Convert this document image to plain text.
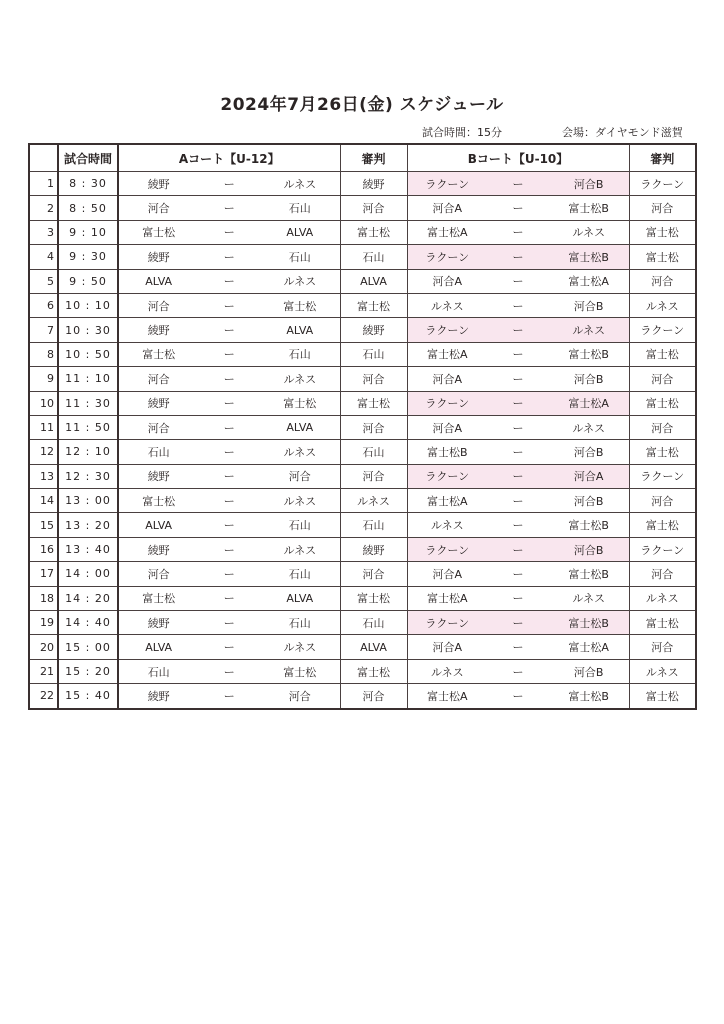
2024年7月26日(金) スケジュール
試合時間：15分	会場：ダイヤモンド滋賀
	試合時間	Aコート【U-12】	審判	Bコート【U-10】	審判
1	8 : 30	綾野 ー ルネス	綾野	ラクーン ー 河合B	ラクーン
2	8 : 50	河合 ー 石山	河合	河合A ー 富士松B	河合
3	9 : 10	富士松 ー ALVA	富士松	富士松A ー ルネス	富士松
4	9 : 30	綾野 ー 石山	石山	ラクーン ー 富士松B	富士松
5	9 : 50	ALVA ー ルネス	ALVA	河合A ー 富士松A	河合
6	10 : 10	河合 ー 富士松	富士松	ルネス ー 河合B	ルネス
7	10 : 30	綾野 ー ALVA	綾野	ラクーン ー ルネス	ラクーン
8	10 : 50	富士松 ー 石山	石山	富士松A ー 富士松B	富士松
9	11 : 10	河合 ー ルネス	河合	河合A ー 河合B	河合
10	11 : 30	綾野 ー 富士松	富士松	ラクーン ー 富士松A	富士松
11	11 : 50	河合 ー ALVA	河合	河合A ー ルネス	河合
12	12 : 10	石山 ー ルネス	石山	富士松B ー 河合B	富士松
13	12 : 30	綾野 ー 河合	河合	ラクーン ー 河合A	ラクーン
14	13 : 00	富士松 ー ルネス	ルネス	富士松A ー 河合B	河合
15	13 : 20	ALVA ー 石山	石山	ルネス ー 富士松B	富士松
16	13 : 40	綾野 ー ルネス	綾野	ラクーン ー 河合B	ラクーン
17	14 : 00	河合 ー 石山	河合	河合A ー 富士松B	河合
18	14 : 20	富士松 ー ALVA	富士松	富士松A ー ルネス	ルネス
19	14 : 40	綾野 ー 石山	石山	ラクーン ー 富士松B	富士松
20	15 : 00	ALVA ー ルネス	ALVA	河合A ー 富士松A	河合
21	15 : 20	石山 ー 富士松	富士松	ルネス ー 河合B	ルネス
22	15 : 40	綾野 ー 河合	河合	富士松A ー 富士松B	富士松
